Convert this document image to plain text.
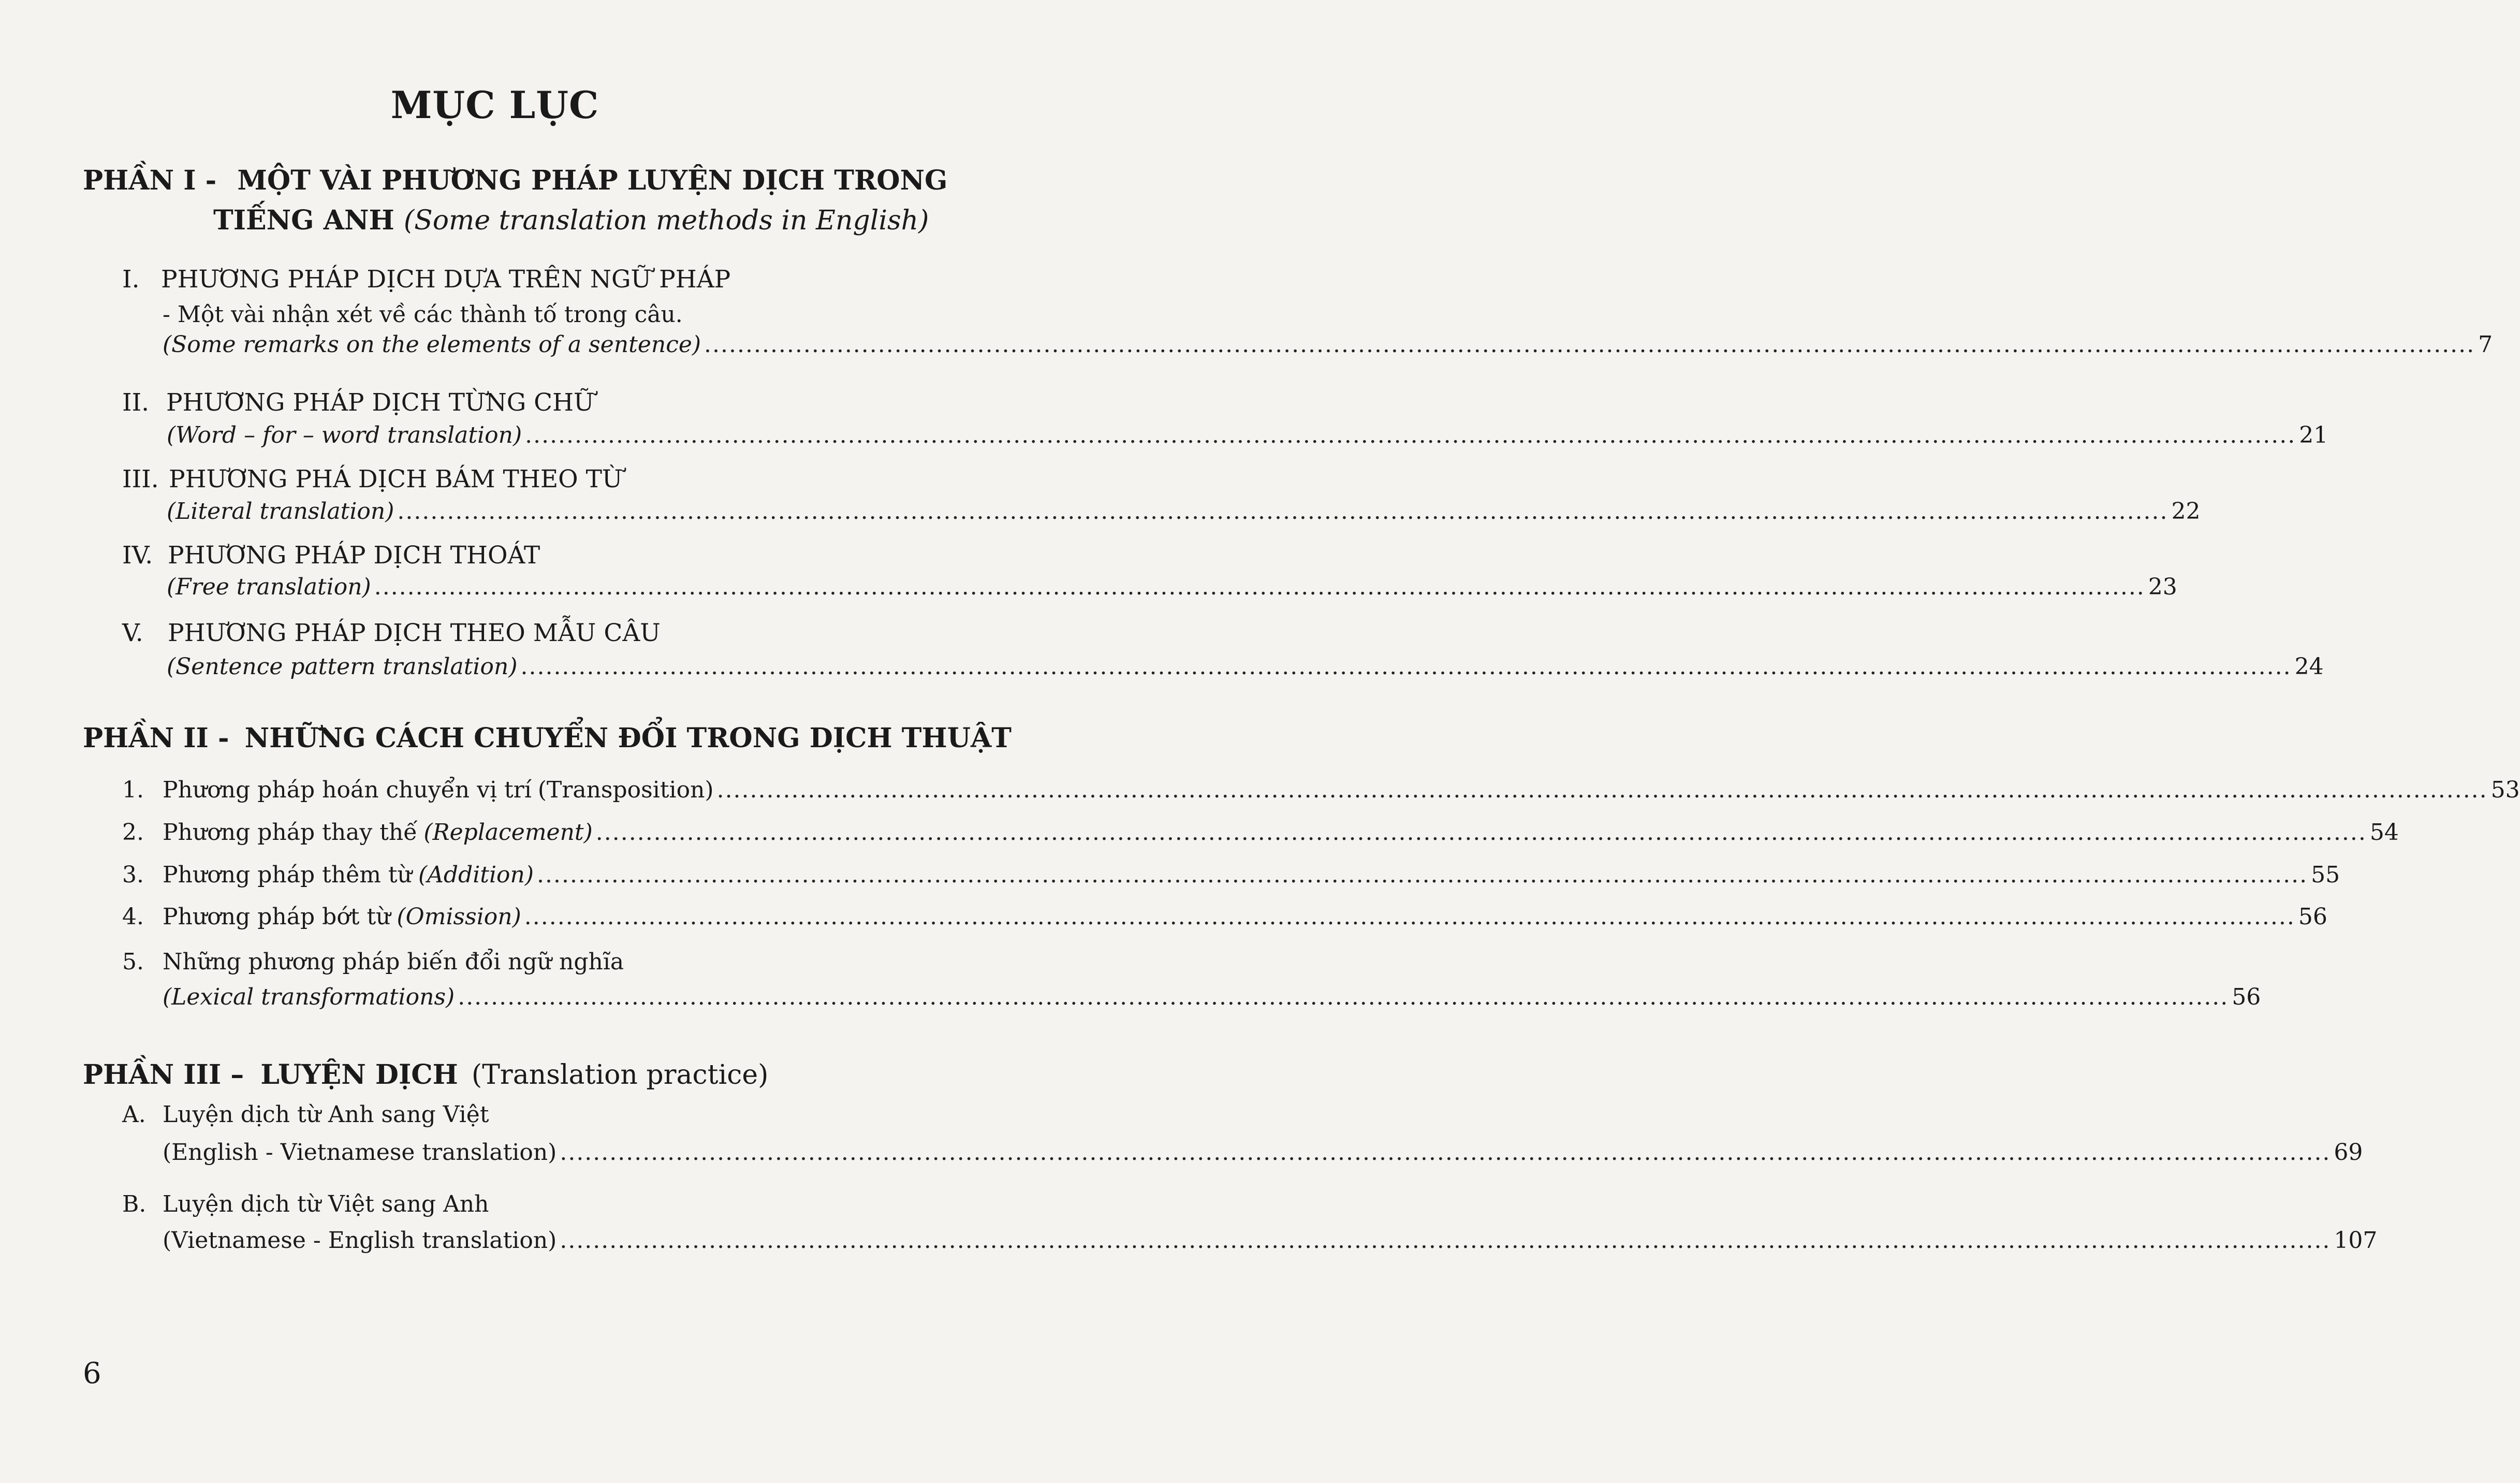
MỤC LỤC
PHẦN I - MỘT VÀI PHƯƠNG PHÁP LUYỆN DỊCH TRONG
TIẾNG ANH (Some translation methods in English)
I. PHƯƠNG PHÁP DỊCH DỰA TRÊN NGỮ PHÁP
- Một vài nhận xét về các thành tố trong câu.
(Some remarks on the elements of a sentence) ...................................................................................................................................................................................................................... 7
II. PHƯƠNG PHÁP DỊCH TỪNG CHỮ
(Word – for – word translation) ...................................................................................................................................................................................................................... 21
III. PHƯƠNG PHÁ DỊCH BÁM THEO TỪ
(Literal translation) ...................................................................................................................................................................................................................... 22
IV. PHƯƠNG PHÁP DỊCH THOÁT
(Free translation) ...................................................................................................................................................................................................................... 23
V. PHƯƠNG PHÁP DỊCH THEO MẪU CÂU
(Sentence pattern translation) ...................................................................................................................................................................................................................... 24
PHẦN II - NHỮNG CÁCH CHUYỂN ĐỔI TRONG DỊCH THUẬT
1. Phương pháp hoán chuyển vị trí (Transposition) ...................................................................................................................................................................................................................... 53
2. Phương pháp thay thế (Replacement) ...................................................................................................................................................................................................................... 54
3. Phương pháp thêm từ (Addition) ...................................................................................................................................................................................................................... 55
4. Phương pháp bớt từ (Omission) ...................................................................................................................................................................................................................... 56
5. Những phương pháp biến đổi ngữ nghĩa
(Lexical transformations) ...................................................................................................................................................................................................................... 56
PHẦN III – LUYỆN DỊCH (Translation practice)
A. Luyện dịch từ Anh sang Việt
(English - Vietnamese translation) ...................................................................................................................................................................................................................... 69
B. Luyện dịch từ Việt sang Anh
(Vietnamese - English translation) ...................................................................................................................................................................................................................... 107
6
